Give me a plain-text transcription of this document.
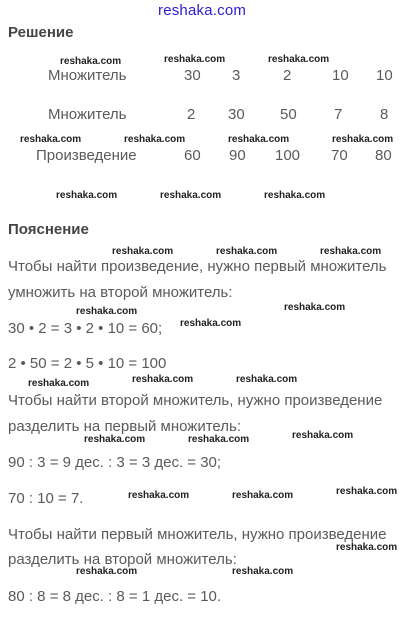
reshaka.com
Решение
Множитель	30 3	2	10 10
Множитель	2 30 50 7	8
Произведение	60 90 100 70 80
Пояснение
Чтобы найти произведение, нужно первый множитель
умножить на второй множитель:
30 • 2 = 3 • 2 • 10 = 60;
2 • 50 = 2 • 5 • 10 = 100
Чтобы найти второй множитель, нужно произведение
разделить на первый множитель:
90 : 3 = 9 дес. : 3 = 3 дес. = 30;
70 : 10 = 7.
Чтобы найти первый множитель, нужно произведение
разделить на второй множитель:
80 : 8 = 8 дес. : 8 = 1 дес. = 10.
reshaka.com	reshaka.com	reshaka.com
reshaka.com	reshaka.com	reshaka.com	reshaka.com
reshaka.com	reshaka.com	reshaka.com
reshaka.com	reshaka.com	reshaka.com
reshaka.com
reshaka.com
reshaka.com
reshaka.com	reshaka.com	reshaka.com
reshaka.com	reshaka.com	reshaka.com
reshaka.com	reshaka.com	reshaka.com
reshaka.com
reshaka.com	reshaka.com
